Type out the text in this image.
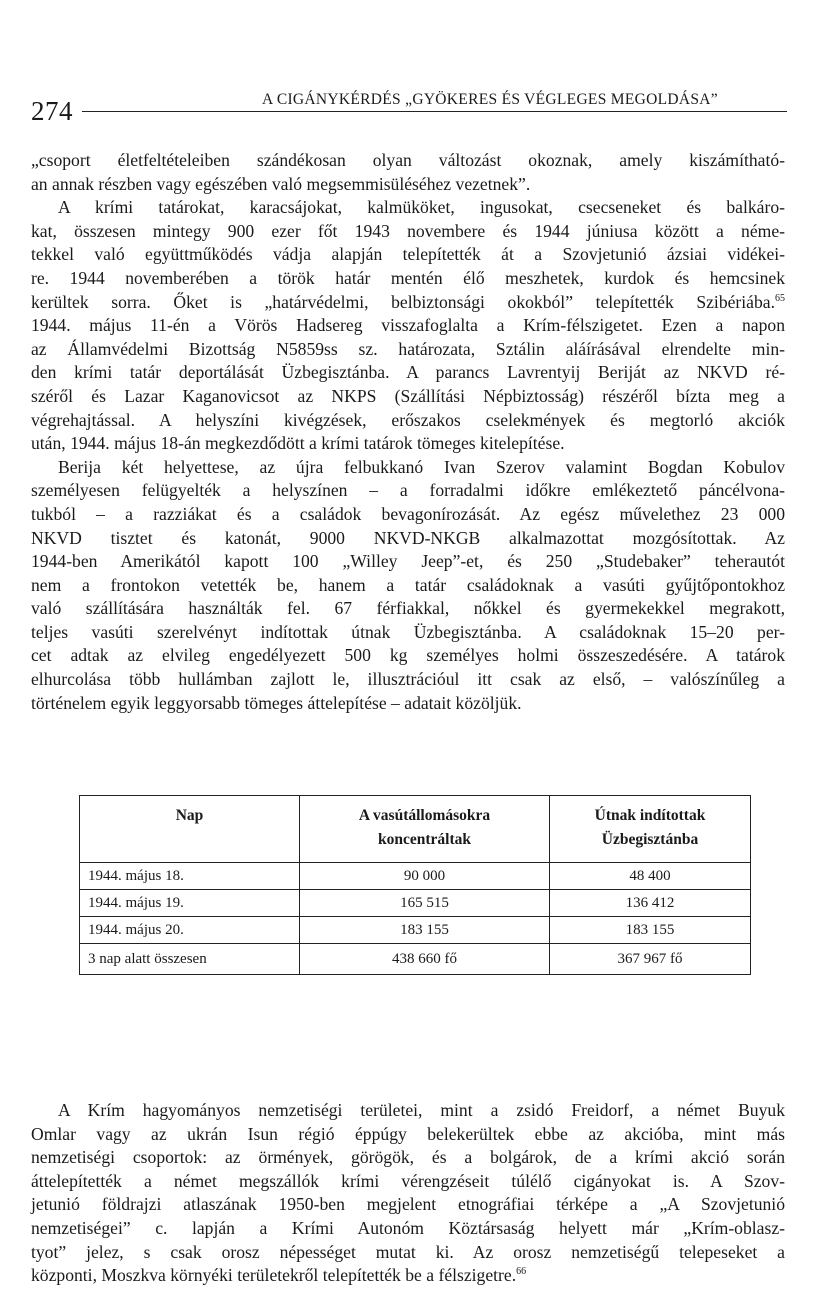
274	A CIGÁNYKÉRDÉS „GYÖKERES ÉS VÉGLEGES MEGOLDÁSA”
„csoport életfeltételeiben szándékosan olyan változást okoznak, amely kiszámítható-
an annak részben vagy egészében való megsemmisüléséhez vezetnek”.
A krími tatárokat, karacsájokat, kalmüköket, ingusokat, csecseneket és balkáro-
kat, összesen mintegy 900 ezer főt 1943 novembere és 1944 júniusa között a néme-
tekkel való együttműködés vádja alapján telepítették át a Szovjetunió ázsiai vidékei-
re. 1944 novemberében a török határ mentén élő meszhetek, kurdok és hemcsinek
kerültek sorra. Őket is „határvédelmi, belbiztonsági okokból” telepítették Szibériába.$^{65}$
1944. május 11-én a Vörös Hadsereg visszafoglalta a Krím-félszigetet. Ezen a napon
az Államvédelmi Bizottság N5859ss sz. határozata, Sztálin aláírásával elrendelte min-
den krími tatár deportálását Üzbegisztánba. A parancs Lavrentyij Beriját az NKVD ré-
széről és Lazar Kaganovicsot az NKPS (Szállítási Népbiztosság) részéről bízta meg a
végrehajtással. A helyszíni kivégzések, erőszakos cselekmények és megtorló akciók
után, 1944. május 18-án megkezdődött a krími tatárok tömeges kitelepítése.
Berija két helyettese, az újra felbukkanó Ivan Szerov valamint Bogdan Kobulov
személyesen felügyelték a helyszínen – a forradalmi időkre emlékeztető páncélvona-
tukból – a razziákat és a családok bevagonírozását. Az egész művelethez 23 000
NKVD tisztet és katonát, 9000 NKVD-NKGB alkalmazottat mozgósítottak. Az
1944-ben Amerikától kapott 100 „Willey Jeep”-et, és 250 „Studebaker” teherautót
nem a frontokon vetették be, hanem a tatár családoknak a vasúti gyűjtőpontokhoz
való szállítására használták fel. 67 férfiakkal, nőkkel és gyermekekkel megrakott,
teljes vasúti szerelvényt indítottak útnak Üzbegisztánba. A családoknak 15–20 per-
cet adtak az elvileg engedélyezett 500 kg személyes holmi összeszedésére. A tatárok
elhurcolása több hullámban zajlott le, illusztrációul itt csak az első, – valószínűleg a
történelem egyik leggyorsabb tömeges áttelepítése – adatait közöljük.
Nap	A vasútállomásokra koncentráltak	Útnak indítottak Üzbegisztánba
1944. május 18.	90 000	48 400
1944. május 19.	165 515	136 412
1944. május 20.	183 155	183 155
3 nap alatt összesen	438 660 fő	367 967 fő
A Krím hagyományos nemzetiségi területei, mint a zsidó Freidorf, a német Buyuk
Omlar vagy az ukrán Isun régió éppúgy belekerültek ebbe az akcióba, mint más
nemzetiségi csoportok: az örmények, görögök, és a bolgárok, de a krími akció során
áttelepítették a német megszállók krími vérengzéseit túlélő cigányokat is. A Szov-
jetunió földrajzi atlaszának 1950-ben megjelent etnográfiai térképe a „A Szovjetunió
nemzetiségei” c. lapján a Krími Autonóm Köztársaság helyett már „Krím-oblasz-
tyot” jelez, s csak orosz népességet mutat ki. Az orosz nemzetiségű telepeseket a
központi, Moszkva környéki területekről telepítették be a félszigetre.$^{66}$
